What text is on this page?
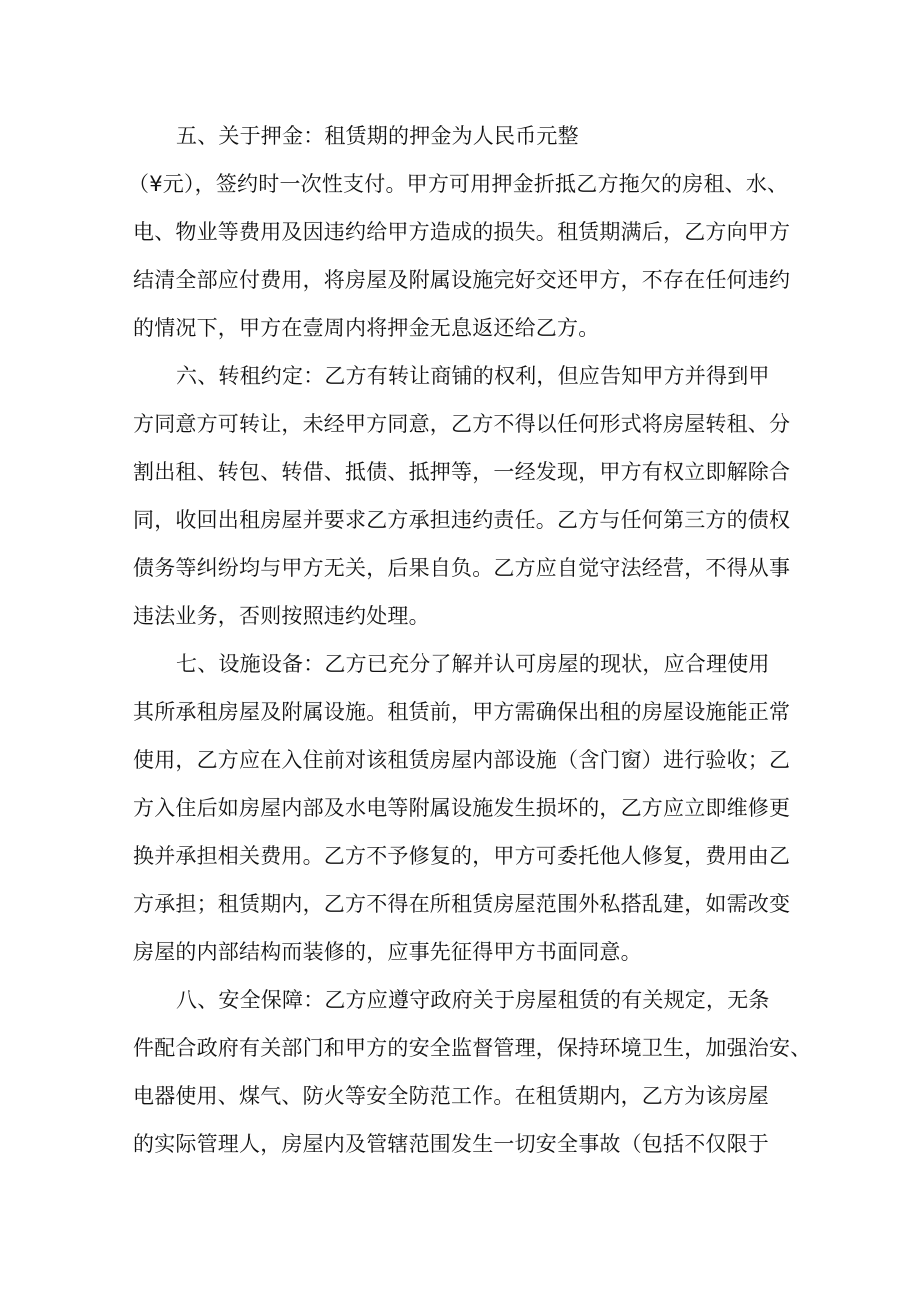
五、关于押金：租赁期的押金为人民币元整
（¥元），签约时一次性支付。甲方可用押金折抵乙方拖欠的房租、水、
电、物业等费用及因违约给甲方造成的损失。租赁期满后，乙方向甲方
结清全部应付费用，将房屋及附属设施完好交还甲方，不存在任何违约
的情况下，甲方在壹周内将押金无息返还给乙方。
六、转租约定：乙方有转让商铺的权利，但应告知甲方并得到甲
方同意方可转让，未经甲方同意，乙方不得以任何形式将房屋转租、分
割出租、转包、转借、抵债、抵押等，一经发现，甲方有权立即解除合
同，收回出租房屋并要求乙方承担违约责任。乙方与任何第三方的债权
债务等纠纷均与甲方无关，后果自负。乙方应自觉守法经营，不得从事
违法业务，否则按照违约处理。
七、设施设备：乙方已充分了解并认可房屋的现状，应合理使用
其所承租房屋及附属设施。租赁前，甲方需确保出租的房屋设施能正常
使用，乙方应在入住前对该租赁房屋内部设施（含门窗）进行验收；乙
方入住后如房屋内部及水电等附属设施发生损坏的，乙方应立即维修更
换并承担相关费用。乙方不予修复的，甲方可委托他人修复，费用由乙
方承担；租赁期内，乙方不得在所租赁房屋范围外私搭乱建，如需改变
房屋的内部结构而装修的，应事先征得甲方书面同意。
八、安全保障：乙方应遵守政府关于房屋租赁的有关规定，无条
件配合政府有关部门和甲方的安全监督管理，保持环境卫生，加强治安、
电器使用、煤气、防火等安全防范工作。在租赁期内，乙方为该房屋
的实际管理人，房屋内及管辖范围发生一切安全事故（包括不仅限于
